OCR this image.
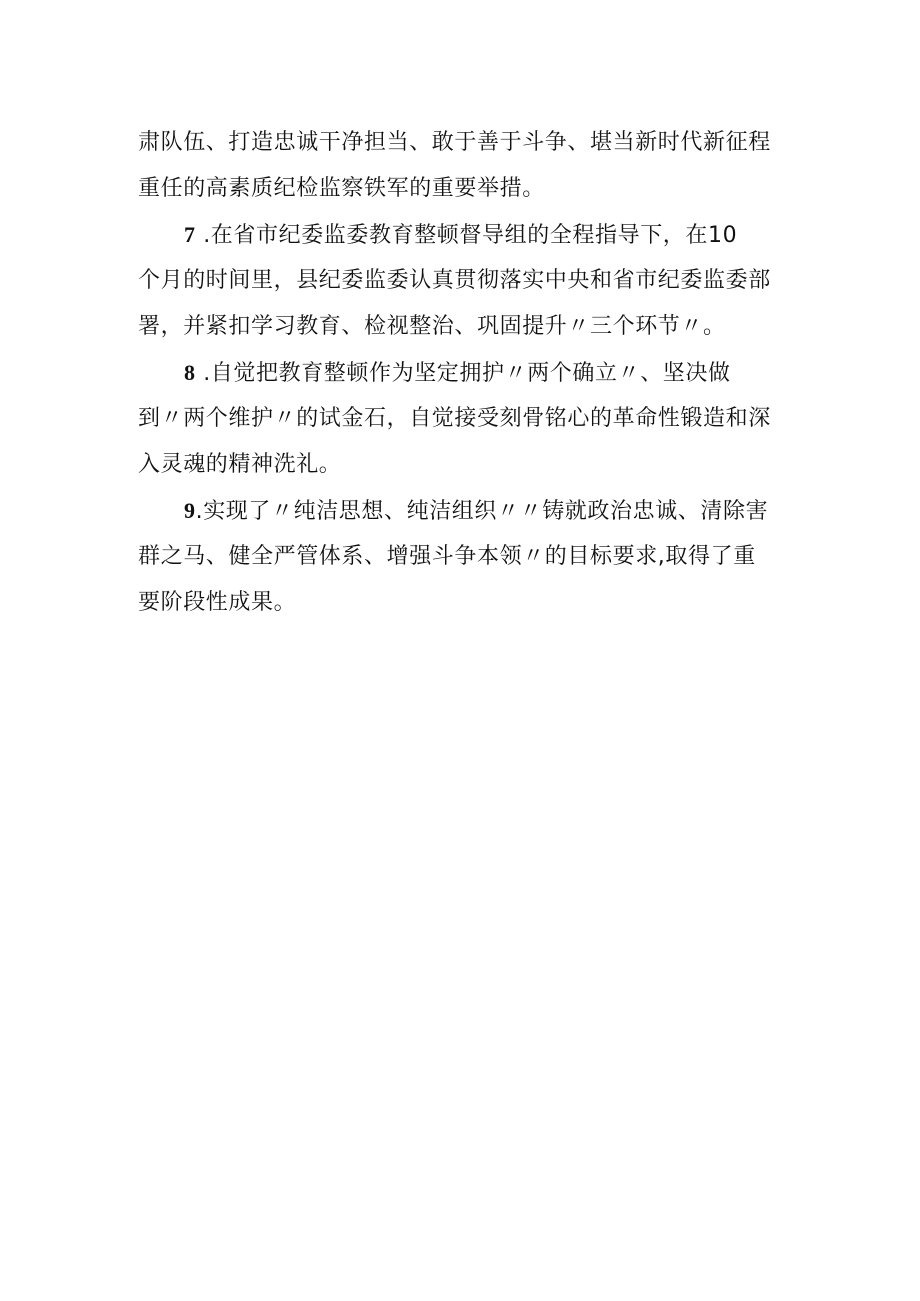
肃队伍、打造忠诚干净担当、敢于善于斗争、堪当新时代新征程
重任的高素质纪检监察铁军的重要举措。
7 .在省市纪委监委教育整顿督导组的全程指导下，在10
个月的时间里，县纪委监委认真贯彻落实中央和省市纪委监委部
署，并紧扣学习教育、检视整治、巩固提升〃三个环节〃。
8 .自觉把教育整顿作为坚定拥护〃两个确立〃、坚决做
到〃两个维护〃的试金石，自觉接受刻骨铭心的革命性锻造和深
入灵魂的精神洗礼。
9.实现了〃纯洁思想、纯洁组织〃〃铸就政治忠诚、清除害
群之马、健全严管体系、增强斗争本领〃的目标要求,取得了重
要阶段性成果。
